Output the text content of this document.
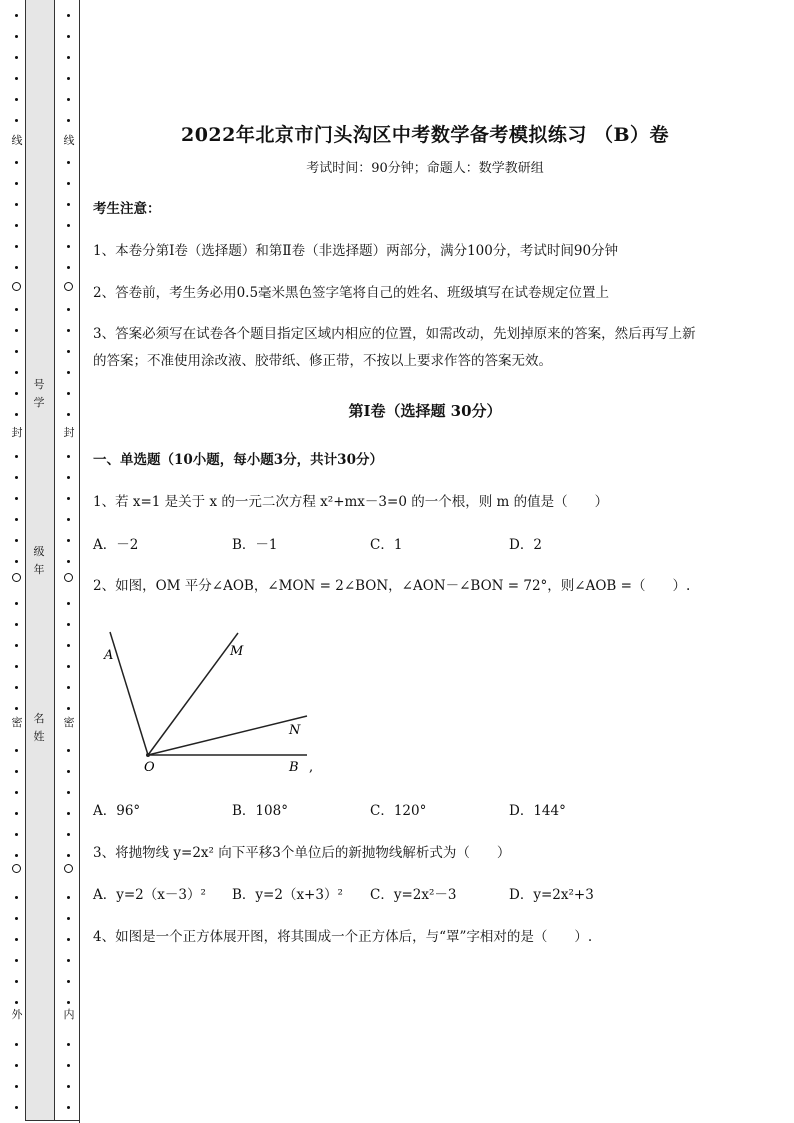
线
封
密
外
线
封
密
内
号学
级年
名姓
2022年北京市门头沟区中考数学备考模拟练习 （B）卷
考试时间：90分钟；命题人：数学教研组
考生注意：
1、本卷分第I卷（选择题）和第Ⅱ卷（非选择题）两部分，满分100分，考试时间90分钟
2、答卷前，考生务必用0.5毫米黑色签字笔将自己的姓名、班级填写在试卷规定位置上
3、答案必须写在试卷各个题目指定区域内相应的位置，如需改动，先划掉原来的答案，然后再写上新
的答案；不准使用涂改液、胶带纸、修正带，不按以上要求作答的答案无效。
第I卷（选择题 30分）
一、单选题（10小题，每小题3分，共计30分）
1、若 x=1 是关于 x 的一元二次方程 x²+mx－3=0 的一个根，则 m 的值是（　　）
A．－2	B．－1	C．1	D．2
2、如图，OM 平分∠AOB，∠MON = 2∠BON，∠AON－∠BON = 72°，则∠AOB =（　　）.
A	M
N
O	B ,
A．96°	B．108°	C．120°	D．144°
3、将抛物线 y=2x² 向下平移3个单位后的新抛物线解析式为（　　）
A．y=2（x－3）² B．y=2（x+3）² C．y=2x²－3	D．y=2x²+3
4、如图是一个正方体展开图，将其围成一个正方体后，与“罩”字相对的是（　　）.
